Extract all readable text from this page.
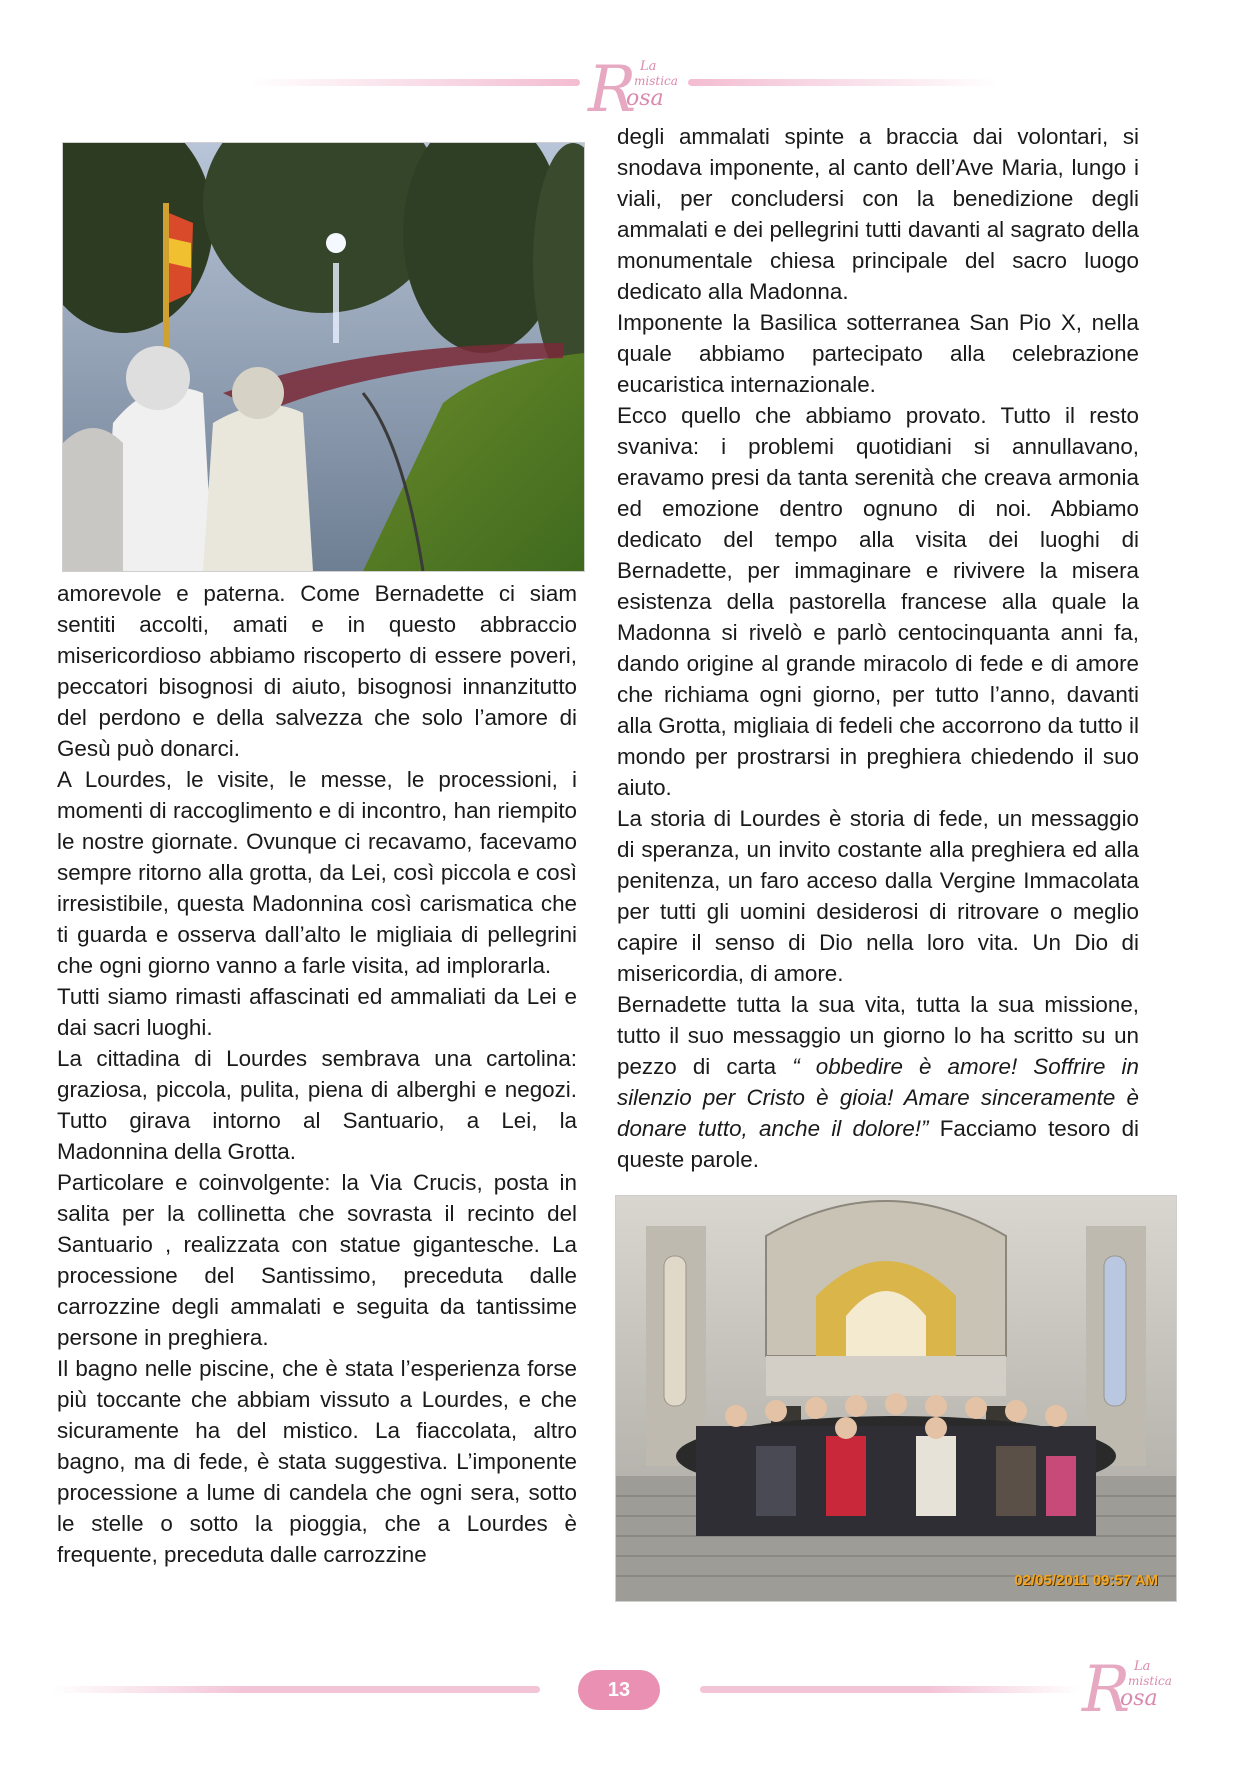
R La
mistica
osa

amorevole e paterna. Come Bernadette ci siam sentiti accolti, amati e in questo abbraccio misericordioso abbiamo riscoperto di essere poveri, peccatori bisognosi di aiuto, bisognosi innanzitutto del perdono e della salvezza che solo l’amore di Gesù può donarci.

A Lourdes, le visite, le messe, le processioni, i momenti di raccoglimento e di incontro, han riempito le nostre giornate. Ovunque ci recavamo, facevamo sempre ritorno alla grotta, da Lei, così piccola e così irresistibile, questa Madonnina così carismatica che ti guarda e osserva dall’alto le migliaia di pellegrini che ogni giorno vanno a farle visita, ad implorarla.

Tutti siamo rimasti affascinati ed ammaliati da Lei e dai sacri luoghi.

La cittadina di Lourdes sembrava una cartolina: graziosa, piccola, pulita, piena di alberghi e negozi. Tutto girava intorno al Santuario, a Lei, la Madonnina della Grotta.

Particolare e coinvolgente: la Via Crucis, posta in salita per la collinetta che sovrasta il recinto del Santuario , realizzata con statue gigantesche. La processione del Santissimo, preceduta dalle carrozzine degli ammalati e seguita da tantissime persone in preghiera.

Il bagno nelle piscine, che è stata l’esperienza forse più toccante che abbiam vissuto a Lourdes, e che sicuramente ha del mistico. La fiaccolata, altro bagno, ma di fede, è stata suggestiva. L’imponente processione a lume di candela che ogni sera, sotto le stelle o sotto la pioggia, che a Lourdes è frequente, preceduta dalle carrozzine

degli ammalati spinte a braccia dai volontari, si snodava imponente, al canto dell’Ave Maria, lungo i viali, per concludersi con la benedizione degli ammalati e dei pellegrini tutti davanti al sagrato della monumentale chiesa principale del sacro luogo dedicato alla Madonna.

Imponente la Basilica sotterranea San Pio X, nella quale abbiamo partecipato alla celebrazione eucaristica internazionale.

Ecco quello che abbiamo provato. Tutto il resto svaniva: i problemi quotidiani si annullavano, eravamo presi da tanta serenità che creava armonia ed emozione dentro ognuno di noi. Abbiamo dedicato del tempo alla visita dei luoghi di Bernadette, per immaginare e rivivere la misera esistenza della pastorella francese alla quale la Madonna si rivelò e parlò centocinquanta anni fa, dando origine al grande miracolo di fede e di amore che richiama ogni giorno, per tutto l’anno, davanti alla Grotta, migliaia di fedeli che accorrono da tutto il mondo per prostrarsi in preghiera chiedendo il suo aiuto.

La storia di Lourdes è storia di fede, un messaggio di speranza, un invito costante alla preghiera ed alla penitenza, un faro acceso dalla Vergine Immacolata per tutti gli uomini desiderosi di ritrovare o meglio capire il senso di Dio nella loro vita. Un Dio di misericordia, di amore.

Bernadette tutta la sua vita, tutta la sua missione, tutto il suo messaggio un giorno lo ha scritto su un pezzo di carta “ obbedire è amore! Soffrire in silenzio per Cristo è gioia! Amare sinceramente è donare tutto, anche il dolore!” Facciamo tesoro di queste parole.

02/05/2011 09:57 AM
13	R La
mistica
osa
